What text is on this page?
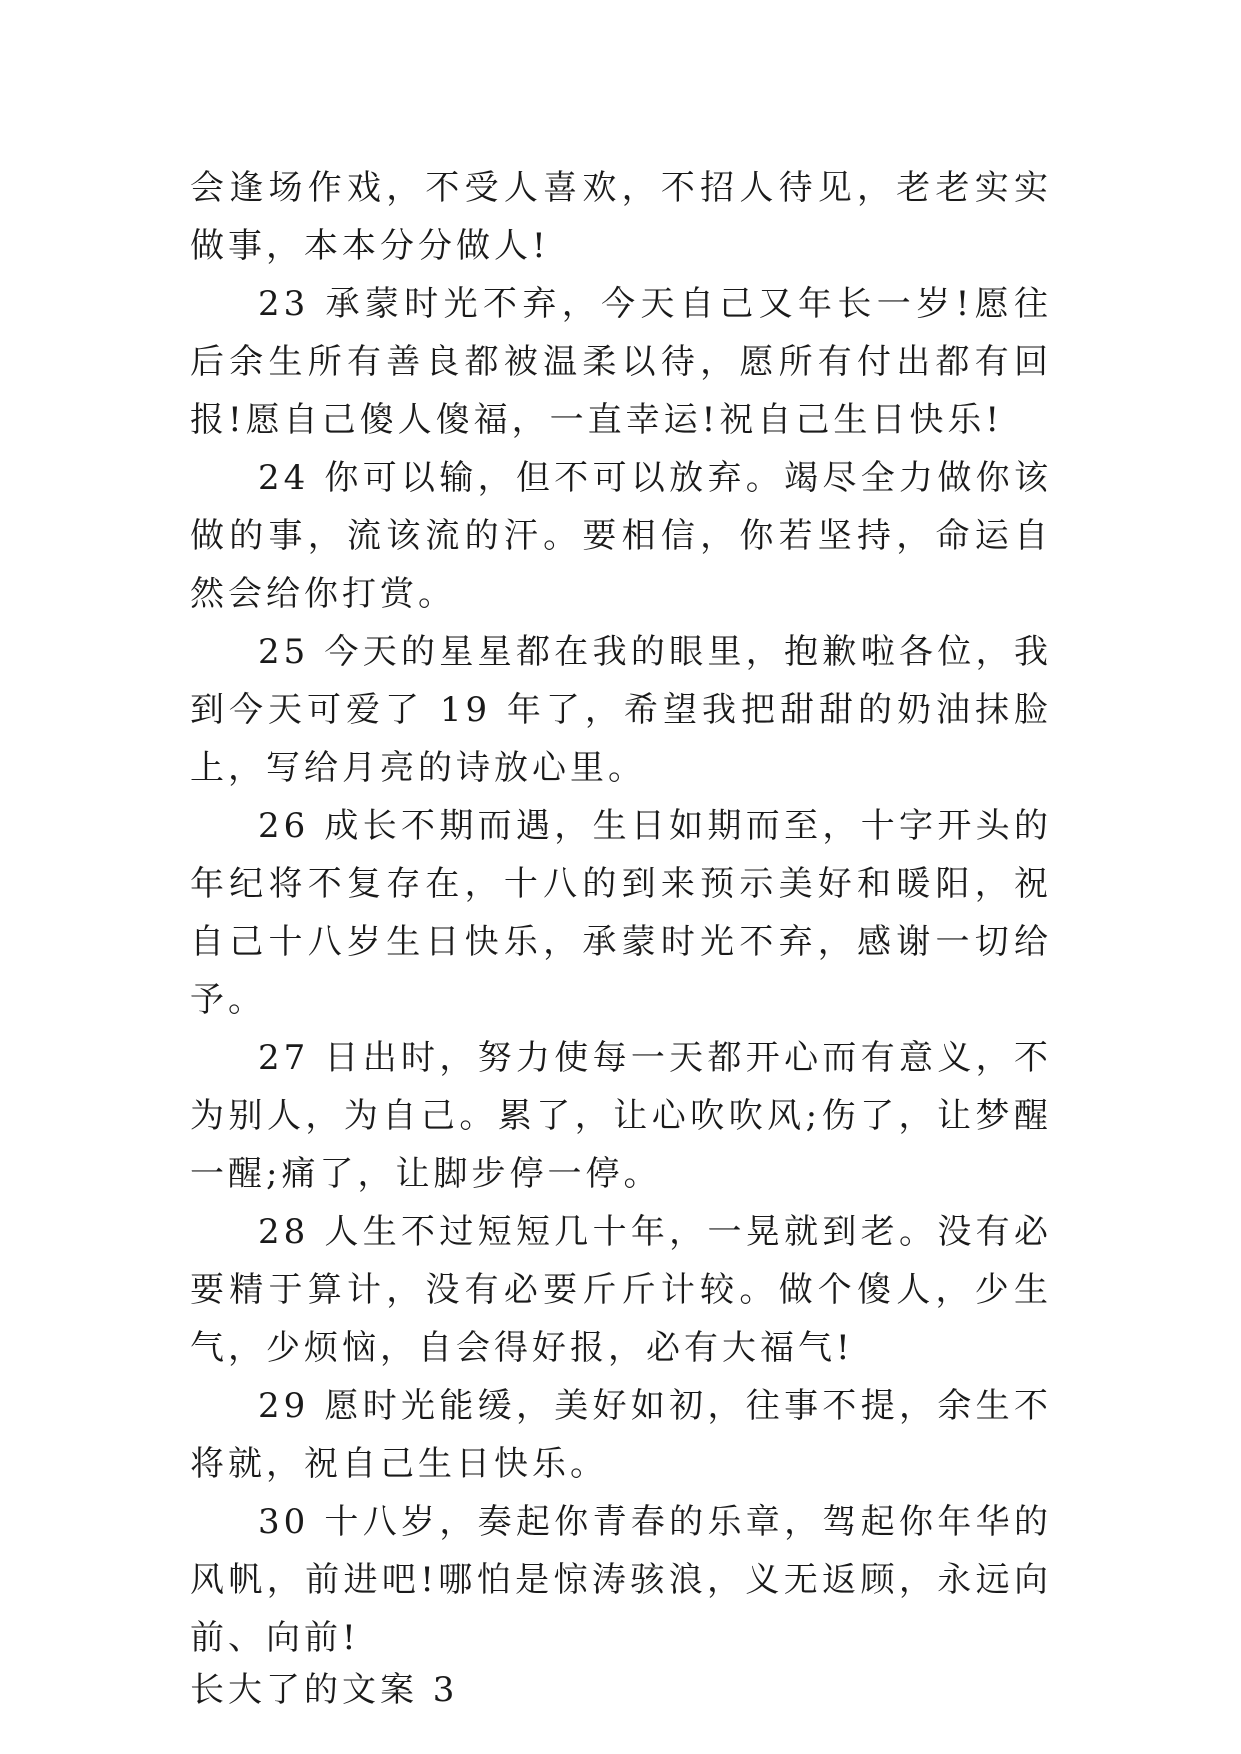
会逢场作戏，不受人喜欢，不招人待见，老老实实做事，本本分分做人!

23 承蒙时光不弃，今天自己又年长一岁!愿往后余生所有善良都被温柔以待，愿所有付出都有回报!愿自己傻人傻福，一直幸运!祝自己生日快乐!

24 你可以输，但不可以放弃。竭尽全力做你该做的事，流该流的汗。要相信，你若坚持，命运自然会给你打赏。

25 今天的星星都在我的眼里，抱歉啦各位，我到今天可爱了 19 年了，希望我把甜甜的奶油抹脸上，写给月亮的诗放心里。

26 成长不期而遇，生日如期而至，十字开头的年纪将不复存在，十八的到来预示美好和暖阳，祝自己十八岁生日快乐，承蒙时光不弃，感谢一切给予。

27 日出时，努力使每一天都开心而有意义，不为别人，为自己。累了，让心吹吹风;伤了，让梦醒一醒;痛了，让脚步停一停。

28 人生不过短短几十年，一晃就到老。没有必要精于算计，没有必要斤斤计较。做个傻人，少生气，少烦恼，自会得好报，必有大福气!

29 愿时光能缓，美好如初，往事不提，余生不将就，祝自己生日快乐。

30 十八岁，奏起你青春的乐章，驾起你年华的风帆，前进吧!哪怕是惊涛骇浪，义无返顾，永远向前、向前!

长大了的文案 3
